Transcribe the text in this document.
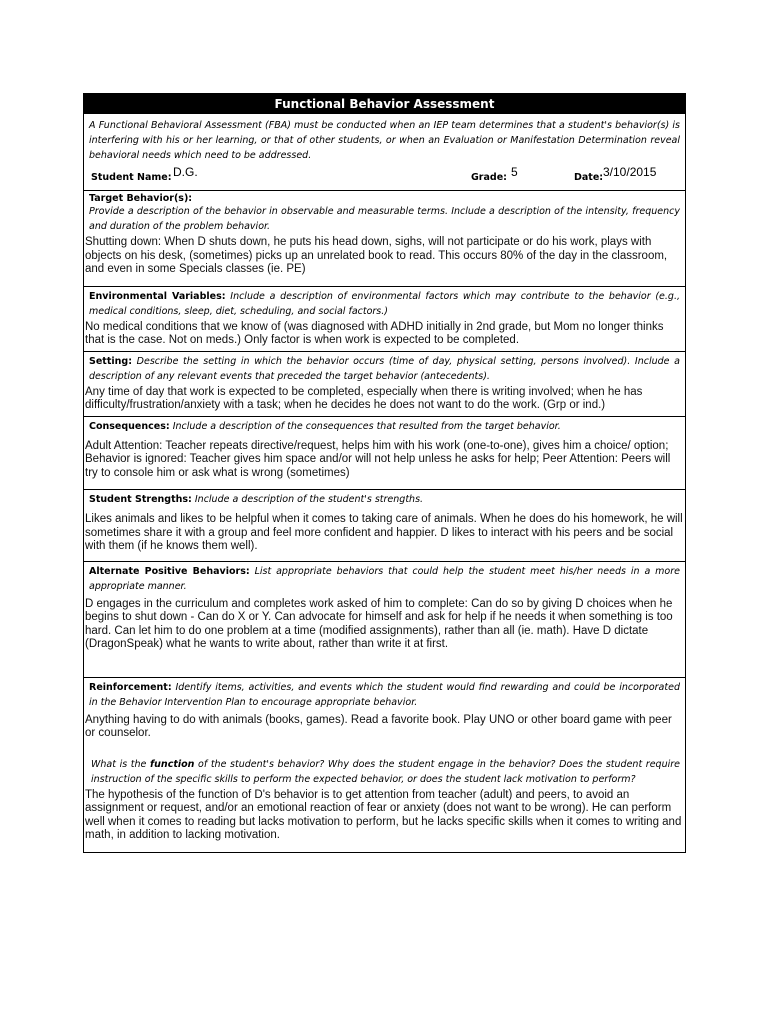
Functional Behavior Assessment

A Functional Behavioral Assessment (FBA) must be conducted when an IEP team determines that a student's behavior(s) is interfering with his or her learning, or that of other students, or when an Evaluation or Manifestation Determination reveal behavioral needs which need to be addressed.

Student Name: D.G.	Grade: 5	Date: 3/10/2015
Target Behavior(s):

Provide a description of the behavior in observable and measurable terms. Include a description of the intensity, frequency and duration of the problem behavior.

Shutting down: When D shuts down, he puts his head down, sighs, will not participate or do his work, plays with objects on his desk, (sometimes) picks up an unrelated book to read. This occurs 80% of the day in the classroom, and even in some Specials classes (ie. PE)

Environmental Variables: Include a description of environmental factors which may contribute to the behavior (e.g., medical conditions, sleep, diet, scheduling, and social factors.)

No medical conditions that we know of (was diagnosed with ADHD initially in 2nd grade, but Mom no longer thinks that is the case. Not on meds.) Only factor is when work is expected to be completed.

Setting: Describe the setting in which the behavior occurs (time of day, physical setting, persons involved). Include a description of any relevant events that preceded the target behavior (antecedents).

Any time of day that work is expected to be completed, especially when there is writing involved; when he has difficulty/frustration/anxiety with a task; when he decides he does not want to do the work. (Grp or ind.)

Consequences: Include a description of the consequences that resulted from the target behavior.

Adult Attention: Teacher repeats directive/request, helps him with his work (one-to-one), gives him a choice/ option; Behavior is ignored: Teacher gives him space and/or will not help unless he asks for help; Peer Attention: Peers will try to console him or ask what is wrong (sometimes)

Student Strengths: Include a description of the student's strengths.

Likes animals and likes to be helpful when it comes to taking care of animals. When he does do his homework, he will sometimes share it with a group and feel more confident and happier. D likes to interact with his peers and be social with them (if he knows them well).

Alternate Positive Behaviors: List appropriate behaviors that could help the student meet his/her needs in a more appropriate manner.

D engages in the curriculum and completes work asked of him to complete: Can do so by giving D choices when he begins to shut down - Can do X or Y. Can advocate for himself and ask for help if he needs it when something is too hard. Can let him to do one problem at a time (modified assignments), rather than all (ie. math). Have D dictate (DragonSpeak) what he wants to write about, rather than write it at first.

Reinforcement: Identify items, activities, and events which the student would find rewarding and could be incorporated in the Behavior Intervention Plan to encourage appropriate behavior.

Anything having to do with animals (books, games). Read a favorite book. Play UNO or other board game with peer or counselor.

What is the function of the student's behavior? Why does the student engage in the behavior? Does the student require instruction of the specific skills to perform the expected behavior, or does the student lack motivation to perform?

The hypothesis of the function of D's behavior is to get attention from teacher (adult) and peers, to avoid an assignment or request, and/or an emotional reaction of fear or anxiety (does not want to be wrong). He can perform well when it comes to reading but lacks motivation to perform, but he lacks specific skills when it comes to writing and math, in addition to lacking motivation.
